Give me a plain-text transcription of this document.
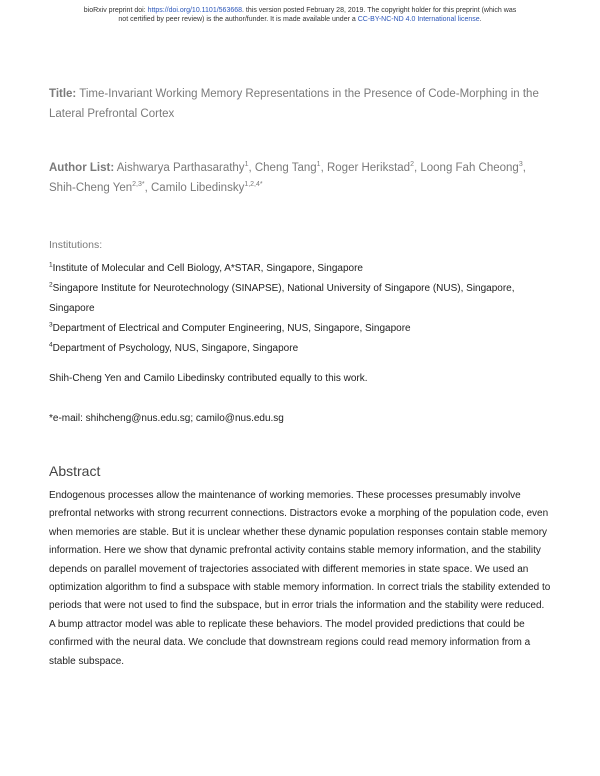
bioRxiv preprint doi: https://doi.org/10.1101/563668. this version posted February 28, 2019. The copyright holder for this preprint (which was
not certified by peer review) is the author/funder. It is made available under a CC-BY-NC-ND 4.0 International license.
Title: Time-Invariant Working Memory Representations in the Presence of Code-Morphing in the Lateral Prefrontal Cortex
Author List: Aishwarya Parthasarathy$^1$, Cheng Tang$^1$, Roger Herikstad$^2$, Loong Fah Cheong$^3$, Shih-Cheng Yen$^{2,3*}$, Camilo Libedinsky$^{1,2,4*}$
Institutions:
$^1$Institute of Molecular and Cell Biology, A*STAR, Singapore, Singapore
$^2$Singapore Institute for Neurotechnology (SINAPSE), National University of Singapore (NUS), Singapore, Singapore
$^3$Department of Electrical and Computer Engineering, NUS, Singapore, Singapore
$^4$Department of Psychology, NUS, Singapore, Singapore
Shih-Cheng Yen and Camilo Libedinsky contributed equally to this work.
*e-mail: shihcheng@nus.edu.sg; camilo@nus.edu.sg
Abstract
Endogenous processes allow the maintenance of working memories. These processes presumably involve prefrontal networks with strong recurrent connections. Distractors evoke a morphing of the population code, even when memories are stable. But it is unclear whether these dynamic population responses contain stable memory information. Here we show that dynamic prefrontal activity contains stable memory information, and the stability depends on parallel movement of trajectories associated with different memories in state space. We used an optimization algorithm to find a subspace with stable memory information. In correct trials the stability extended to periods that were not used to find the subspace, but in error trials the information and the stability were reduced. A bump attractor model was able to replicate these behaviors. The model provided predictions that could be confirmed with the neural data. We conclude that downstream regions could read memory information from a stable subspace.
